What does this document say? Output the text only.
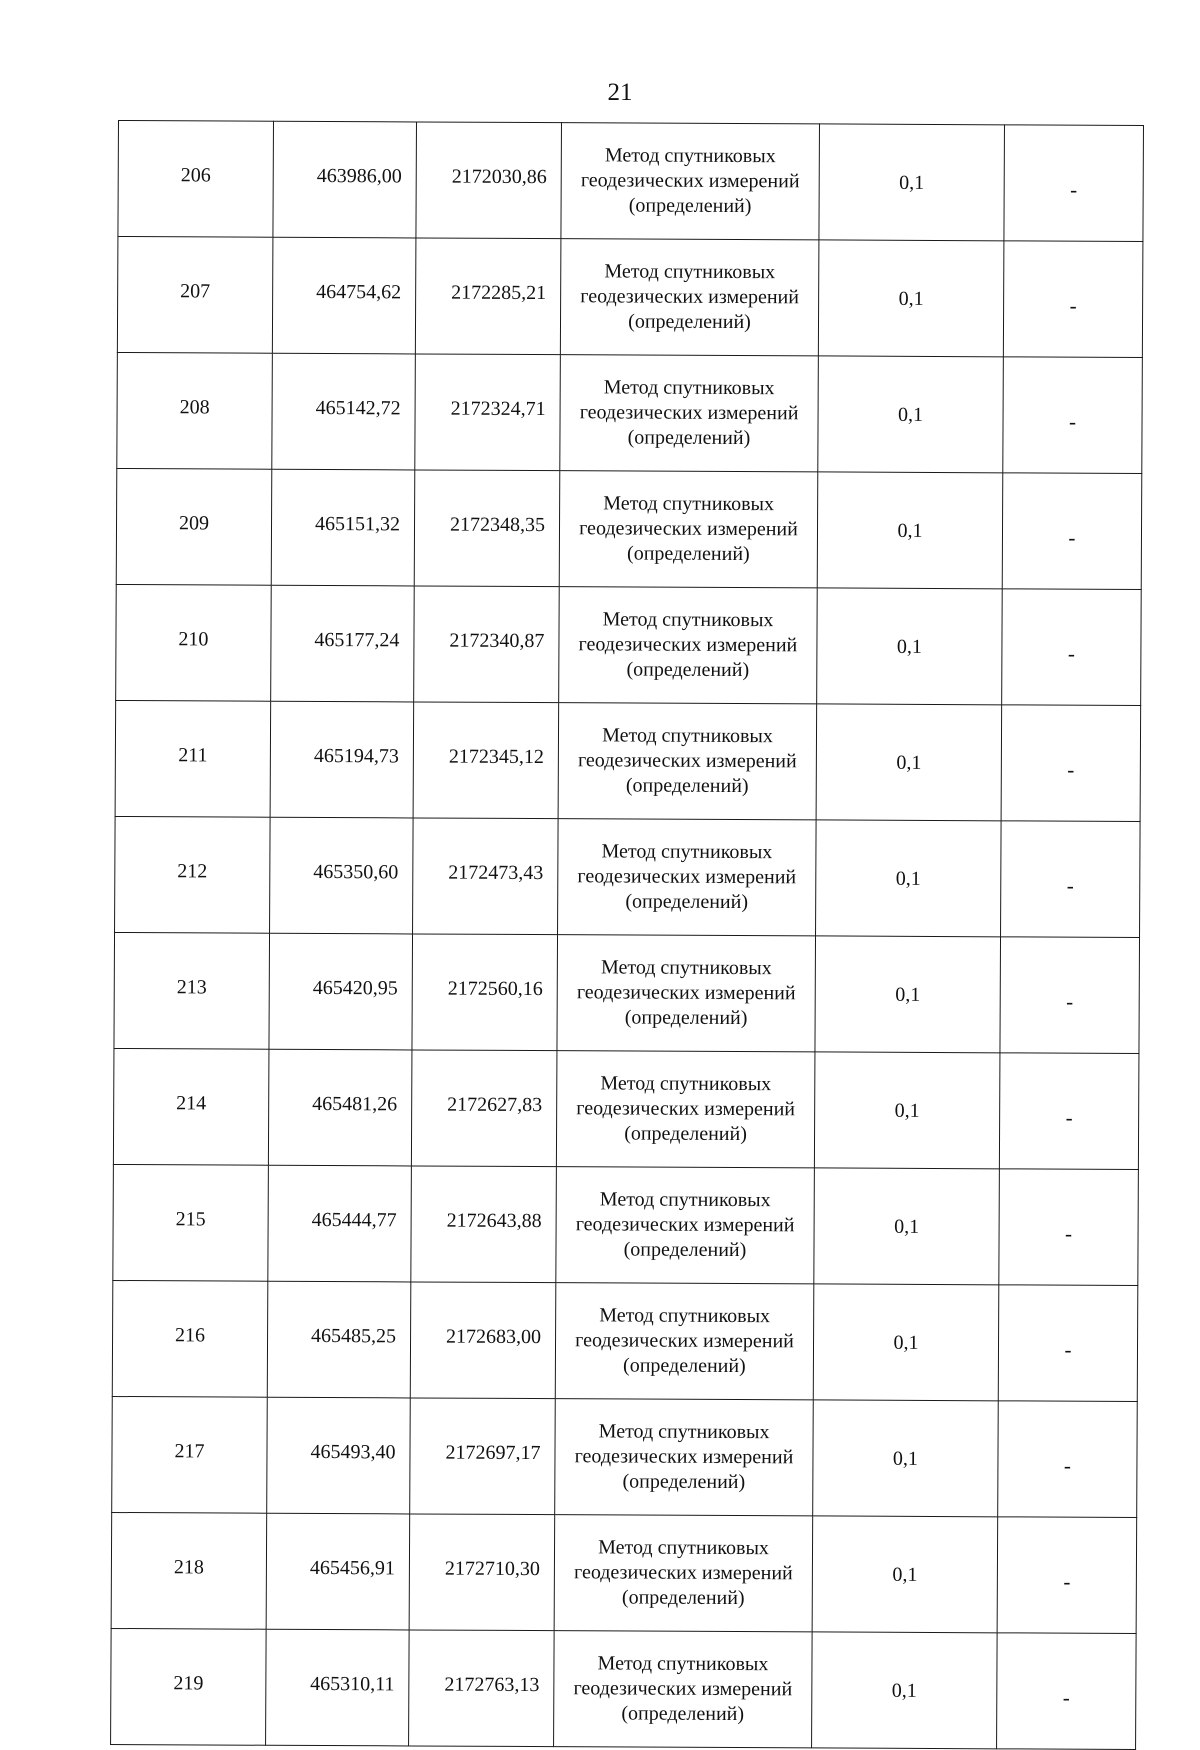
21
206	463986,00	2172030,86	Метод спутниковых
геодезических измерений
(определений)	0,1	-
207	464754,62	2172285,21	Метод спутниковых
геодезических измерений
(определений)	0,1	-
208	465142,72	2172324,71	Метод спутниковых
геодезических измерений
(определений)	0,1	-
209	465151,32	2172348,35	Метод спутниковых
геодезических измерений
(определений)	0,1	-
210	465177,24	2172340,87	Метод спутниковых
геодезических измерений
(определений)	0,1	-
211	465194,73	2172345,12	Метод спутниковых
геодезических измерений
(определений)	0,1	-
212	465350,60	2172473,43	Метод спутниковых
геодезических измерений
(определений)	0,1	-
213	465420,95	2172560,16	Метод спутниковых
геодезических измерений
(определений)	0,1	-
214	465481,26	2172627,83	Метод спутниковых
геодезических измерений
(определений)	0,1	-
215	465444,77	2172643,88	Метод спутниковых
геодезических измерений
(определений)	0,1	-
216	465485,25	2172683,00	Метод спутниковых
геодезических измерений
(определений)	0,1	-
217	465493,40	2172697,17	Метод спутниковых
геодезических измерений
(определений)	0,1	-
218	465456,91	2172710,30	Метод спутниковых
геодезических измерений
(определений)	0,1	-
219	465310,11	2172763,13	Метод спутниковых
геодезических измерений
(определений)	0,1	-
